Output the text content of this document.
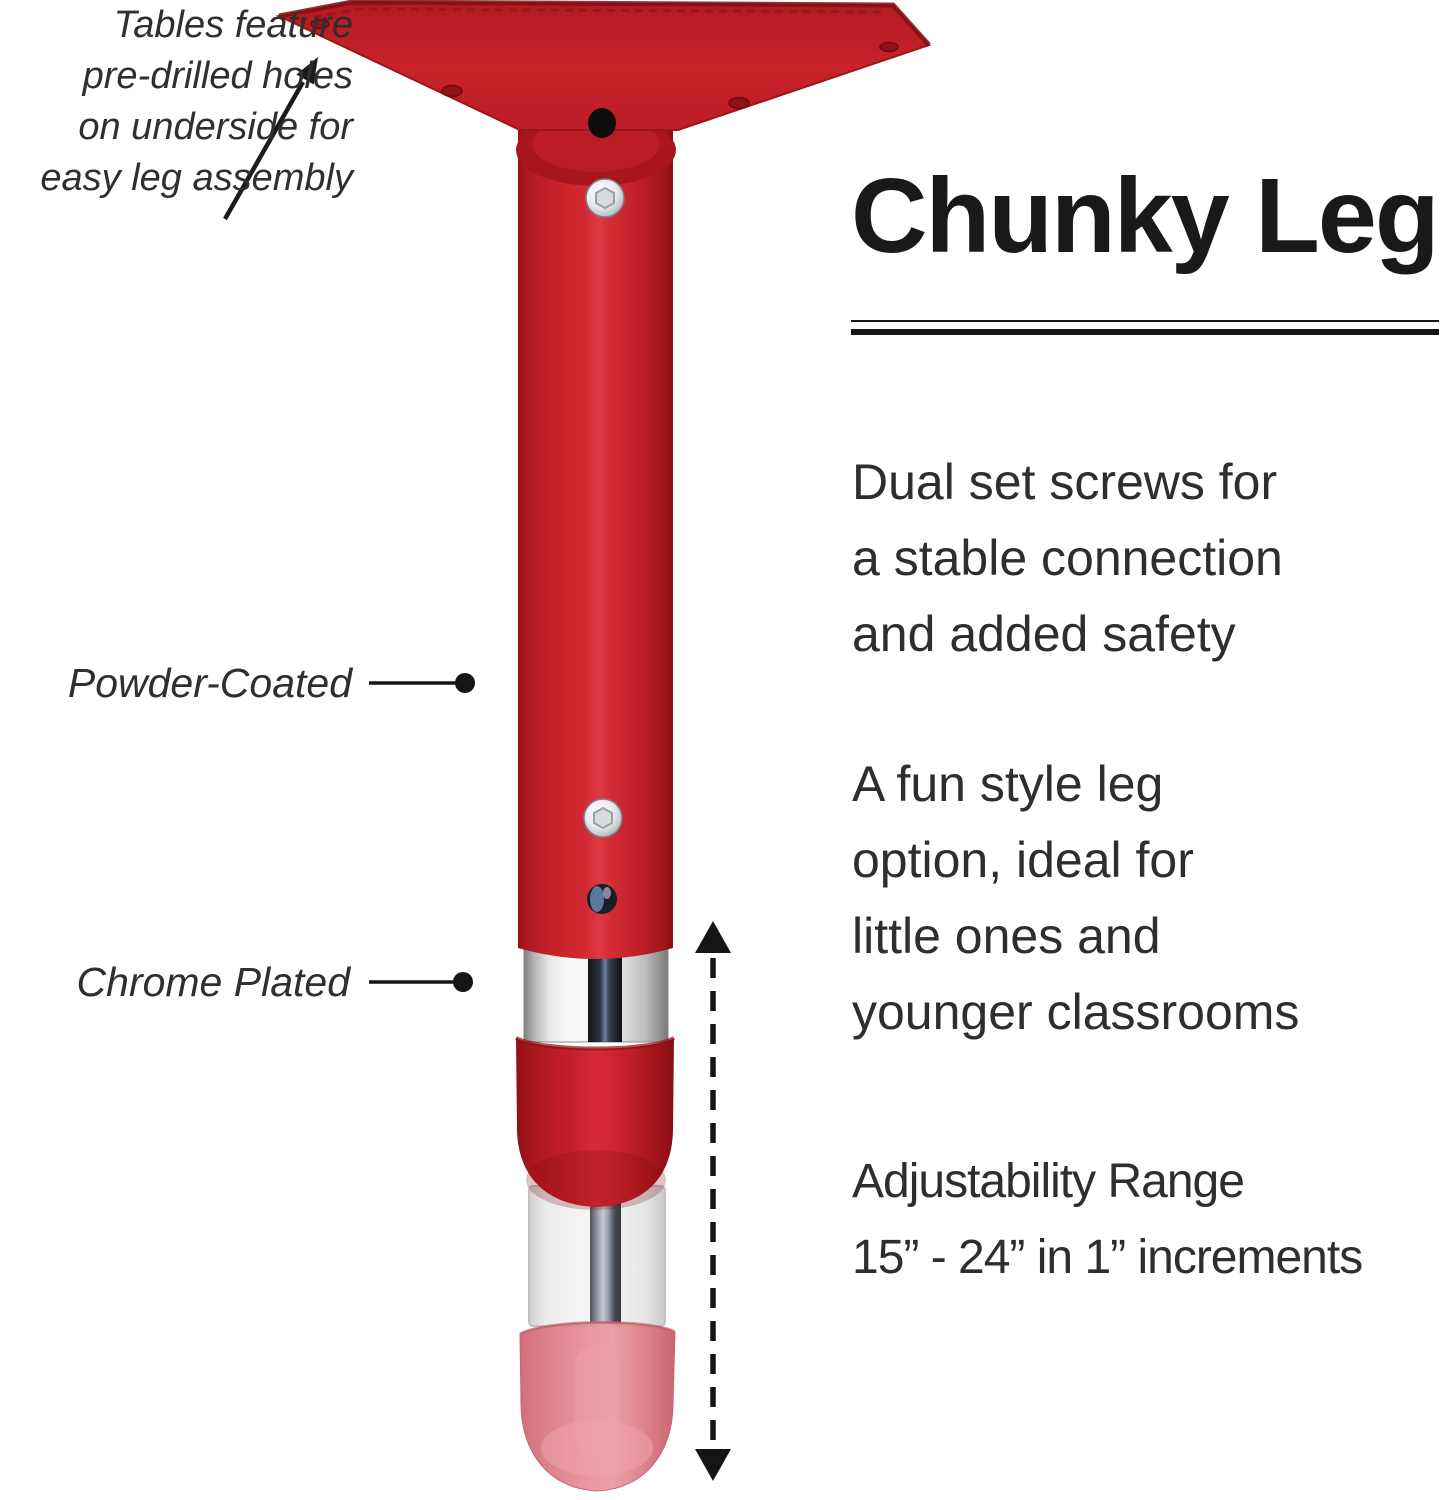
Tables feature
pre-drilled holes
on underside for
easy leg assembly
Powder-Coated
Chrome Plated
Chunky Leg
Dual set screws for
a stable connection
and added safety
A fun style leg
option, ideal for
little ones and
younger classrooms
Adjustability Range
15” - 24” in 1” increments
